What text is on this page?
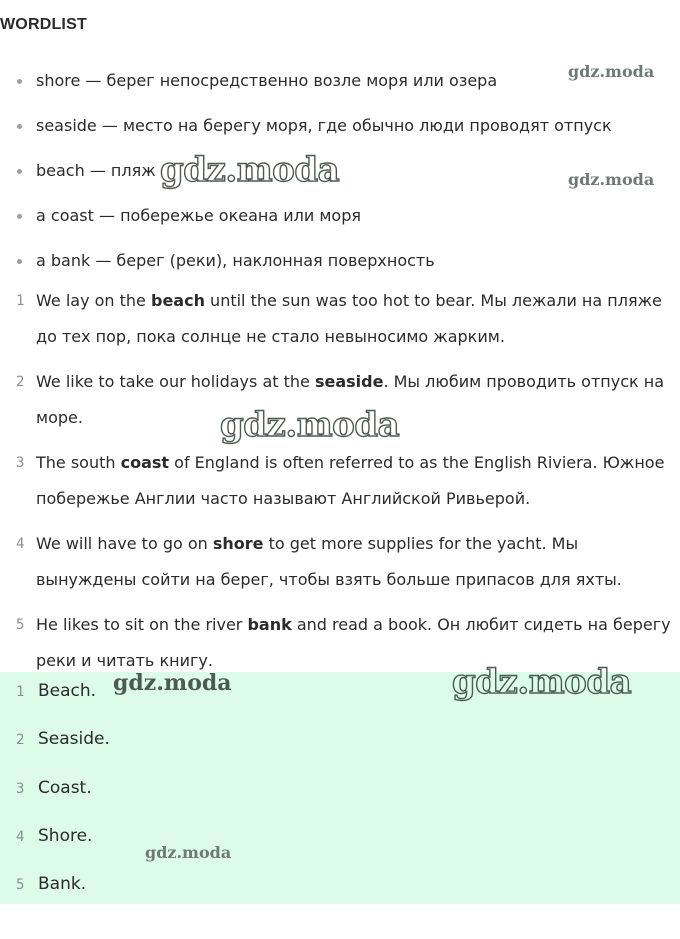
WORDLIST
shore — берег непосредственно возле моря или озера
seaside — место на берегу моря, где обычно люди проводят отпуск
beach — пляж
a coast — побережье океана или моря
a bank — берег (реки), наклонная поверхность
1 We lay on the beach until the sun was too hot to bear. Мы лежали на пляже до тех пор, пока солнце не стало невыносимо жарким.
2 We like to take our holidays at the seaside. Мы любим проводить отпуск на море.
3 The south coast of England is often referred to as the English Riviera. Южное побережье Англии часто называют Английской Ривьерой.
4 We will have to go on shore to get more supplies for the yacht. Мы вынуждены сойти на берег, чтобы взять больше припасов для яхты.
5 He likes to sit on the river bank and read a book. Он любит сидеть на берегу реки и читать книгу.
1 Beach.
2 Seaside.
3 Coast.
4 Shore.
5 Bank.
gdz.moda
gdz.moda	gdz.moda
gdz.moda
gdz.moda	gdz.moda
gdz.moda
